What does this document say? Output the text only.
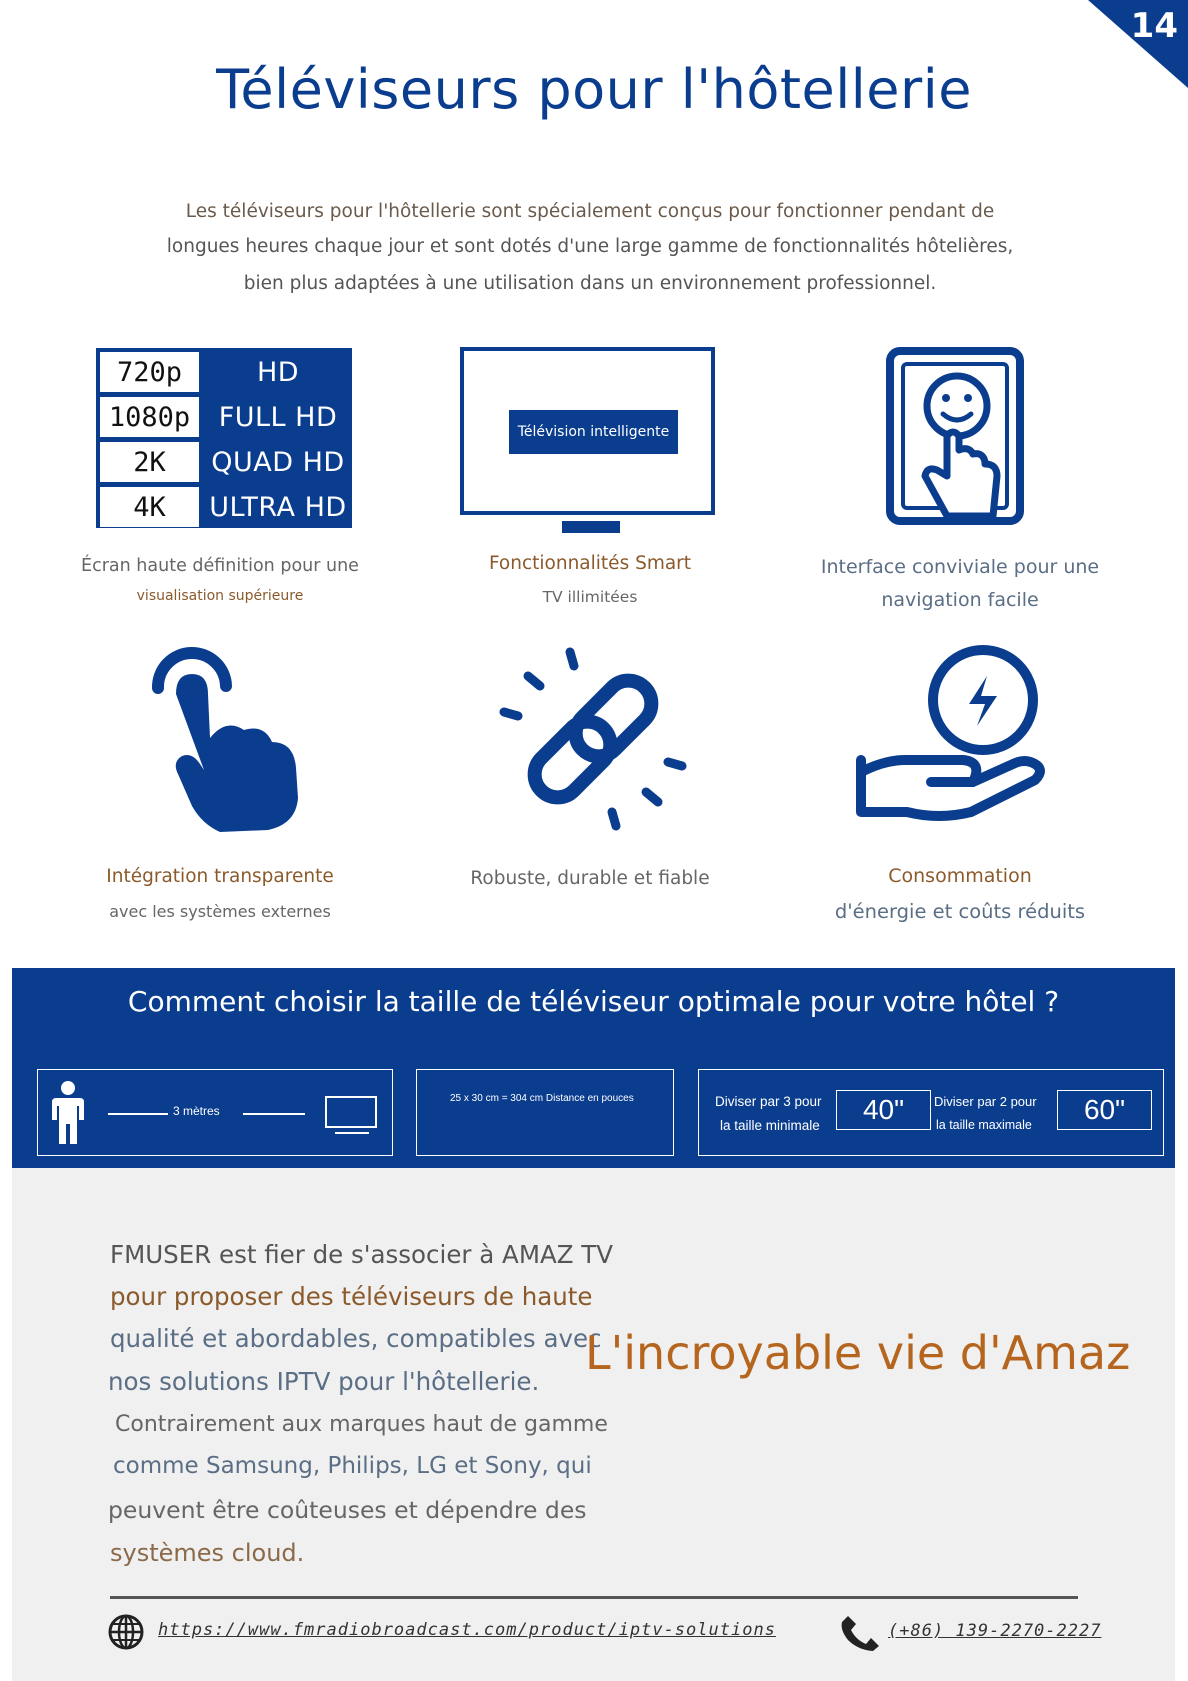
14
Téléviseurs pour l'hôtellerie
Les téléviseurs pour l'hôtellerie sont spécialement conçus pour fonctionner pendant de
longues heures chaque jour et sont dotés d'une large gamme de fonctionnalités hôtelières,
bien plus adaptées à une utilisation dans un environnement professionnel.
720p	HD
1080p	FULL HD
2K	QUAD HD
4K	ULTRA HD
Écran haute définition pour une
visualisation supérieure
Télévision intelligente
Fonctionnalités Smart
TV illimitées
Interface conviviale pour une
navigation facile
Intégration transparente
avec les systèmes externes
Robuste, durable et fiable	Consommation
d'énergie et coûts réduits
Comment choisir la taille de téléviseur optimale pour votre hôtel ?
3 mètres
25 x 30 cm = 304 cm Distance en pouces	Diviser par 3 pour
la taille minimale
40"	Diviser par 2 pour
la taille maximale	60"
FMUSER est fier de s'associer à AMAZ TV
pour proposer des téléviseurs de haute
qualité et abordables, compatibles avec
nos solutions IPTV pour l'hôtellerie.
Contrairement aux marques haut de gamme
comme Samsung, Philips, LG et Sony, qui
peuvent être coûteuses et dépendre des
systèmes cloud.
L'incroyable vie d'Amaz
https://www.fmradiobroadcast.com/product/iptv-solutions	(+86) 139-2270-2227
